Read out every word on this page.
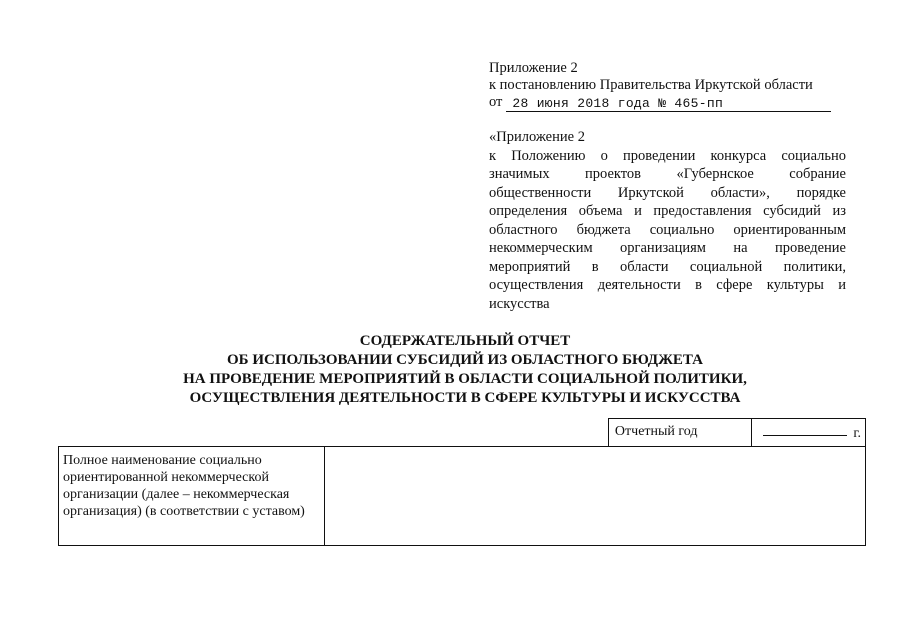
Приложение 2
к постановлению Правительства Иркутской области
от 28 июня 2018 года № 465-пп
«Приложение 2
к Положению о проведении конкурса социально значимых проектов «Губернское собрание общественности Иркутской области», порядке определения объема и предоставления субсидий из областного бюджета социально ориентированным некоммерческим организациям на проведение мероприятий в области социальной политики, осуществления деятельности в сфере культуры и искусства
СОДЕРЖАТЕЛЬНЫЙ ОТЧЕТ
ОБ ИСПОЛЬЗОВАНИИ СУБСИДИЙ ИЗ ОБЛАСТНОГО БЮДЖЕТА
НА ПРОВЕДЕНИЕ МЕРОПРИЯТИЙ В ОБЛАСТИ СОЦИАЛЬНОЙ ПОЛИТИКИ,
ОСУЩЕСТВЛЕНИЯ ДЕЯТЕЛЬНОСТИ В СФЕРЕ КУЛЬТУРЫ И ИСКУССТВА
		Отчетный год	г.
Полное наименование социально ориентированной некоммерческой организации (далее – некоммерческая организация) (в соответствии с уставом)			
